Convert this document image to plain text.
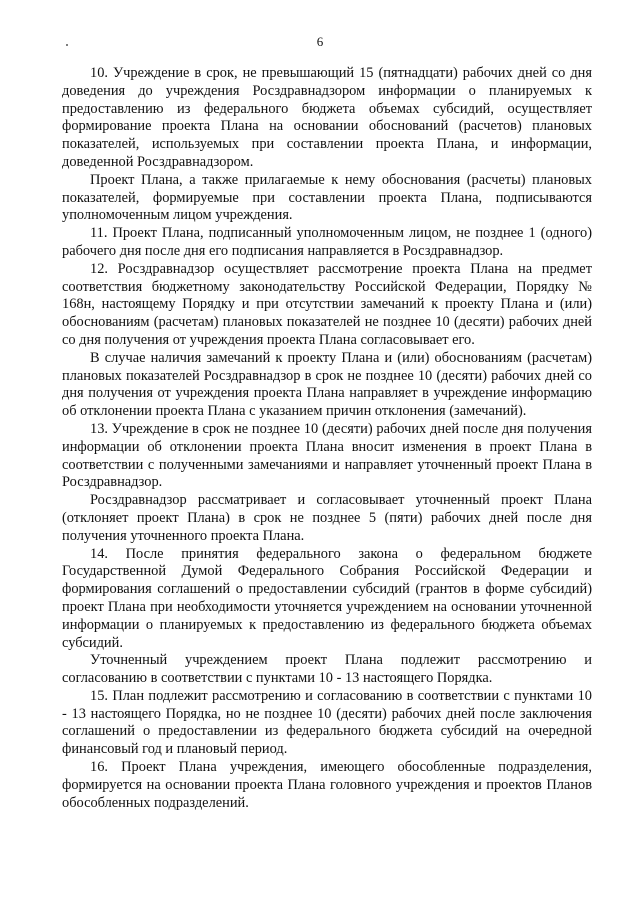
6

10. Учреждение в срок, не превышающий 15 (пятнадцати) рабочих дней со дня доведения до учреждения Росздравнадзором информации о планируемых к предоставлению из федерального бюджета объемах субсидий, осуществляет формирование проекта Плана на основании обоснований (расчетов) плановых показателей, используемых при составлении проекта Плана, и информации, доведенной Росздравнадзором.

Проект Плана, а также прилагаемые к нему обоснования (расчеты) плановых показателей, формируемые при составлении проекта Плана, подписываются уполномоченным лицом учреждения.

11. Проект Плана, подписанный уполномоченным лицом, не позднее 1 (одного) рабочего дня после дня его подписания направляется в Росздравнадзор.

12. Росздравнадзор осуществляет рассмотрение проекта Плана на предмет соответствия бюджетному законодательству Российской Федерации, Порядку № 168н, настоящему Порядку и при отсутствии замечаний к проекту Плана и (или) обоснованиям (расчетам) плановых показателей не позднее 10 (десяти) рабочих дней со дня получения от учреждения проекта Плана согласовывает его.

В случае наличия замечаний к проекту Плана и (или) обоснованиям (расчетам) плановых показателей Росздравнадзор в срок не позднее 10 (десяти) рабочих дней со дня получения от учреждения проекта Плана направляет в учреждение информацию об отклонении проекта Плана с указанием причин отклонения (замечаний).

13. Учреждение в срок не позднее 10 (десяти) рабочих дней после дня получения информации об отклонении проекта Плана вносит изменения в проект Плана в соответствии с полученными замечаниями и направляет уточненный проект Плана в Росздравнадзор.

Росздравнадзор рассматривает и согласовывает уточненный проект Плана (отклоняет проект Плана) в срок не позднее 5 (пяти) рабочих дней после дня получения уточненного проекта Плана.

14. После принятия федерального закона о федеральном бюджете Государственной Думой Федерального Собрания Российской Федерации и формирования соглашений о предоставлении субсидий (грантов в форме субсидий) проект Плана при необходимости уточняется учреждением на основании уточненной информации о планируемых к предоставлению из федерального бюджета объемах субсидий.

Уточненный учреждением проект Плана подлежит рассмотрению и согласованию в соответствии с пунктами 10 - 13 настоящего Порядка.

15. План подлежит рассмотрению и согласованию в соответствии с пунктами 10 - 13 настоящего Порядка, но не позднее 10 (десяти) рабочих дней после заключения соглашений о предоставлении из федерального бюджета субсидий на очередной финансовый год и плановый период.

16. Проект Плана учреждения, имеющего обособленные подразделения, формируется на основании проекта Плана головного учреждения и проектов Планов обособленных подразделений.
